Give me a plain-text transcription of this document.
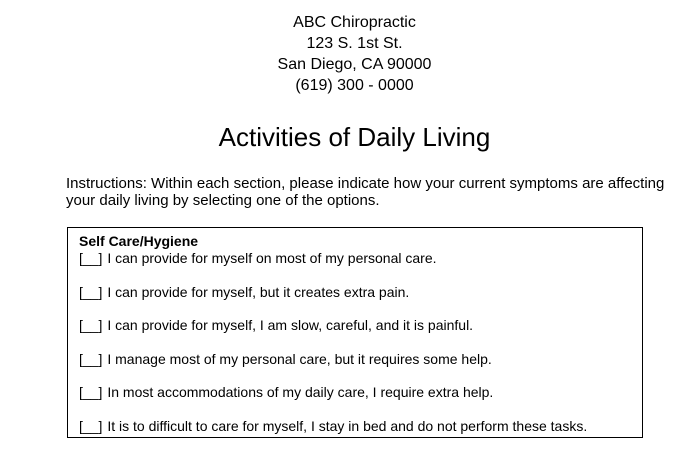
ABC Chiropractic
123 S. 1st St.
San Diego, CA 90000
(619) 300 - 0000
Activities of Daily Living
Instructions: Within each section, please indicate how your current symptoms are affecting your daily living by selecting one of the options.
Self Care/Hygiene
[__] I can provide for myself on most of my personal care.
[__] I can provide for myself, but it creates extra pain.
[__] I can provide for myself, I am slow, careful, and it is painful.
[__] I manage most of my personal care, but it requires some help.
[__] In most accommodations of my daily care, I require extra help.
[__] It is to difficult to care for myself, I stay in bed and do not perform these tasks.
